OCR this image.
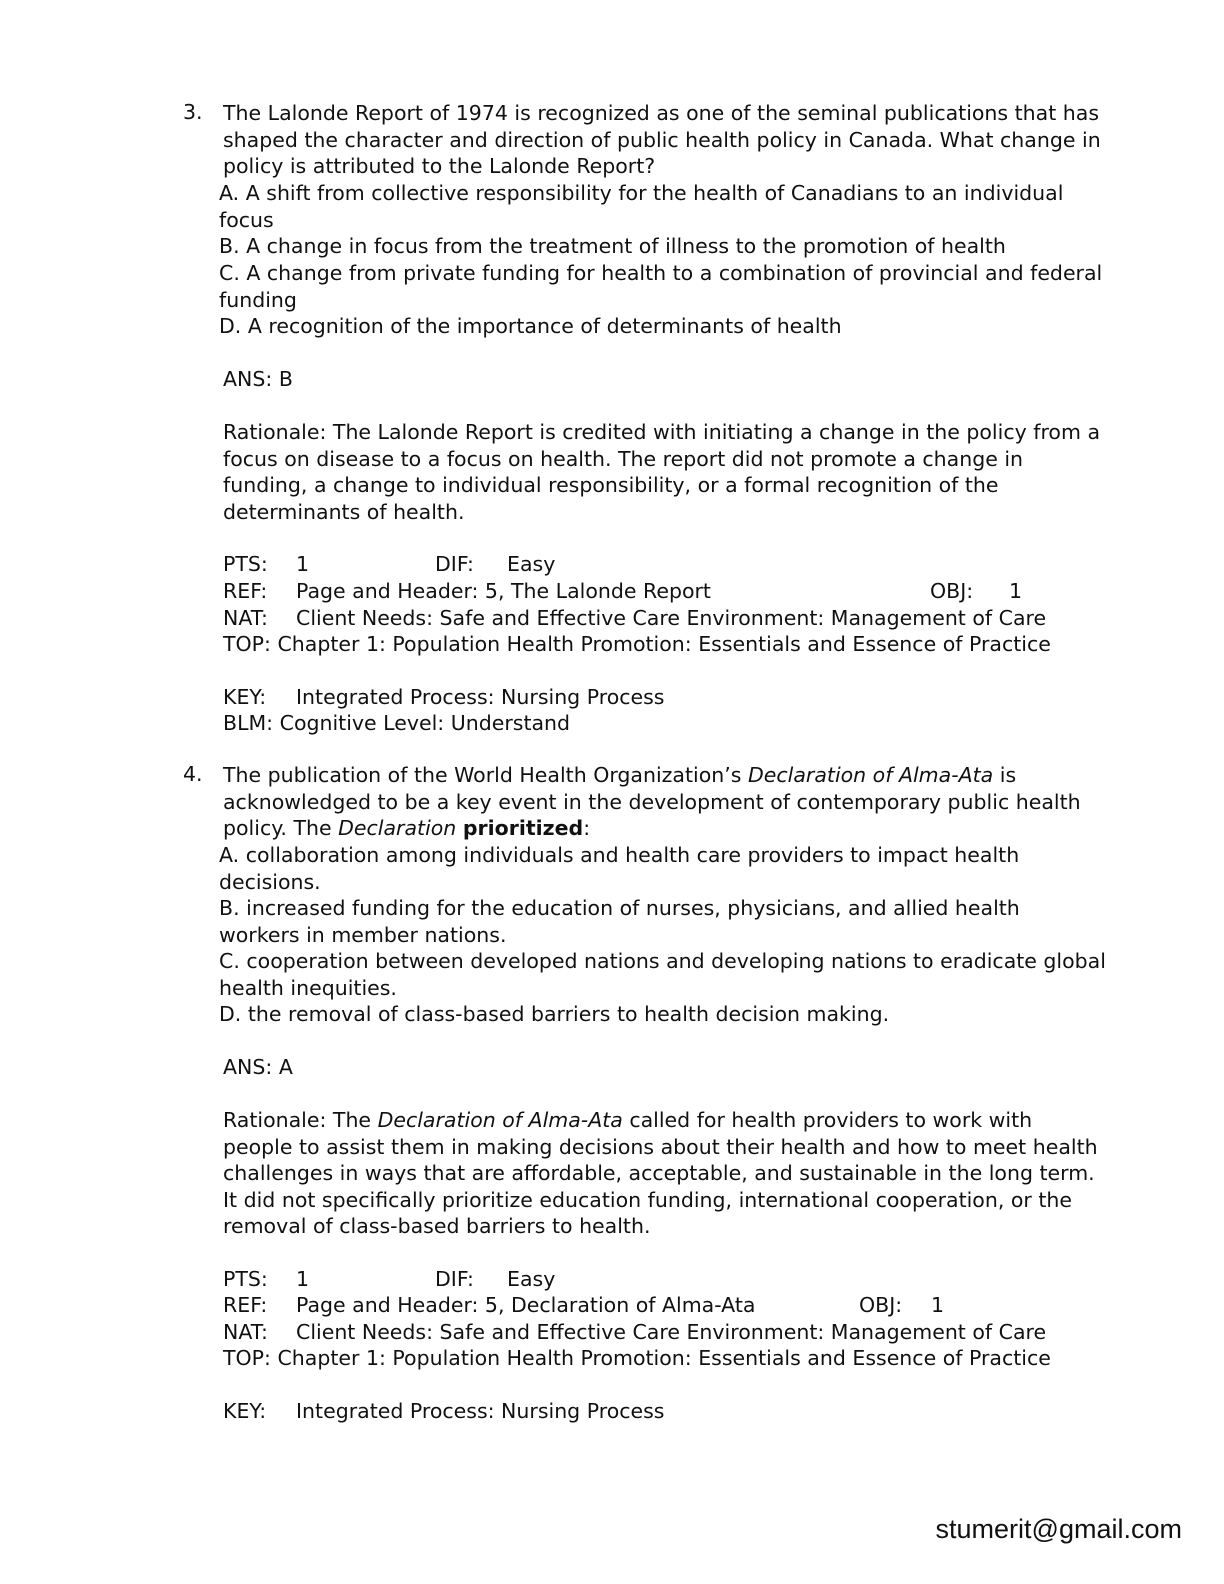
3. The Lalonde Report of 1974 is recognized as one of the seminal publications that has shaped the character and direction of public health policy in Canada. What change in policy is attributed to the Lalonde Report?
A. A shift from collective responsibility for the health of Canadians to an individual focus
B. A change in focus from the treatment of illness to the promotion of health
C. A change from private funding for health to a combination of provincial and federal funding
D. A recognition of the importance of determinants of health
ANS: B
Rationale: The Lalonde Report is credited with initiating a change in the policy from a focus on disease to a focus on health. The report did not promote a change in funding, a change to individual responsibility, or a formal recognition of the determinants of health.
PTS: 1	DIF: Easy
REF: Page and Header: 5, The Lalonde Report	OBJ: 1
NAT: Client Needs: Safe and Effective Care Environment: Management of Care
TOP: Chapter 1: Population Health Promotion: Essentials and Essence of Practice
KEY: Integrated Process: Nursing Process
BLM: Cognitive Level: Understand
4. The publication of the World Health Organization’s Declaration of Alma-Ata is acknowledged to be a key event in the development of contemporary public health policy. The Declaration prioritized:
A. collaboration among individuals and health care providers to impact health decisions.
B. increased funding for the education of nurses, physicians, and allied health workers in member nations.
C. cooperation between developed nations and developing nations to eradicate global health inequities.
D. the removal of class-based barriers to health decision making.
ANS: A
Rationale: The Declaration of Alma-Ata called for health providers to work with people to assist them in making decisions about their health and how to meet health challenges in ways that are affordable, acceptable, and sustainable in the long term. It did not specifically prioritize education funding, international cooperation, or the removal of class-based barriers to health.
PTS: 1	DIF: Easy
REF: Page and Header: 5, Declaration of Alma-Ata	OBJ: 1
NAT: Client Needs: Safe and Effective Care Environment: Management of Care
TOP: Chapter 1: Population Health Promotion: Essentials and Essence of Practice
KEY: Integrated Process: Nursing Process
stumerit@gmail.com
